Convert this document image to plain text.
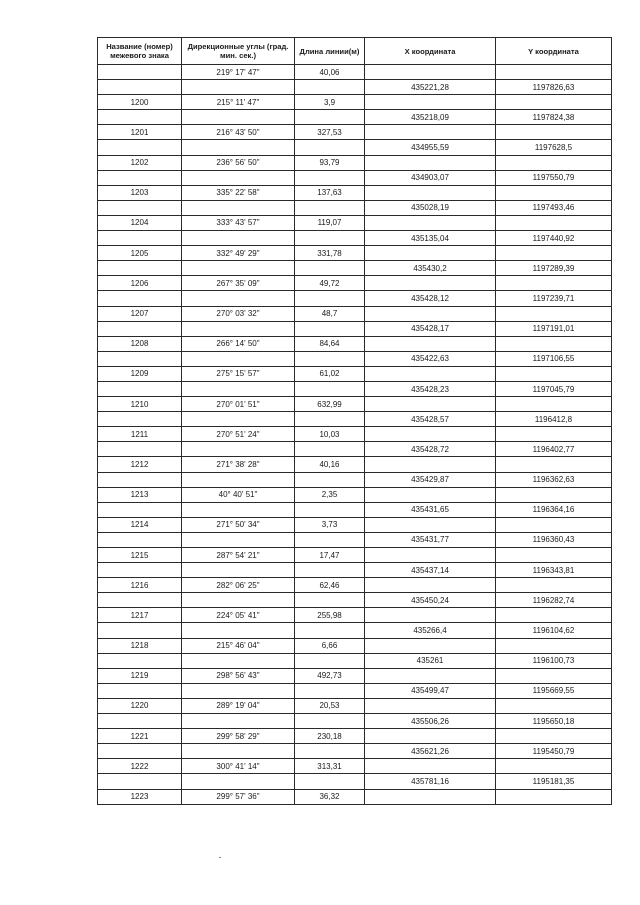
Название (номер) межевого знака	Дирекционные углы (град. мин. сек.)	Длина линии(м)	X координата	Y координата
	219° 17' 47"	40,06		
			435221,28	1197826,63
1200	215° 11' 47"	3,9		
			435218,09	1197824,38
1201	216° 43' 50"	327,53		
			434955,59	1197628,5
1202	236° 56' 50"	93,79		
			434903,07	1197550,79
1203	335° 22' 58"	137,63		
			435028,19	1197493,46
1204	333° 43' 57"	119,07		
			435135,04	1197440,92
1205	332° 49' 29"	331,78		
			435430,2	1197289,39
1206	267° 35' 09"	49,72		
			435428,12	1197239,71
1207	270° 03' 32"	48,7		
			435428,17	1197191,01
1208	266° 14' 50"	84,64		
			435422,63	1197106,55
1209	275° 15' 57"	61,02		
			435428,23	1197045,79
1210	270° 01' 51"	632,99		
			435428,57	1196412,8
1211	270° 51' 24"	10,03		
			435428,72	1196402,77
1212	271° 38' 28"	40,16		
			435429,87	1196362,63
1213	40° 40' 51"	2,35		
			435431,65	1196364,16
1214	271° 50' 34"	3,73		
			435431,77	1196360,43
1215	287° 54' 21"	17,47		
			435437,14	1196343,81
1216	282° 06' 25"	62,46		
			435450,24	1196282,74
1217	224° 05' 41"	255,98		
			435266,4	1196104,62
1218	215° 46' 04"	6,66		
			435261	1196100,73
1219	298° 56' 43"	492,73		
			435499,47	1195669,55
1220	289° 19' 04"	20,53		
			435506,26	1195650,18
1221	299° 58' 29"	230,18		
			435621,26	1195450,79
1222	300° 41' 14"	313,31		
			435781,16	1195181,35
1223	299° 57' 36"	36,32		
